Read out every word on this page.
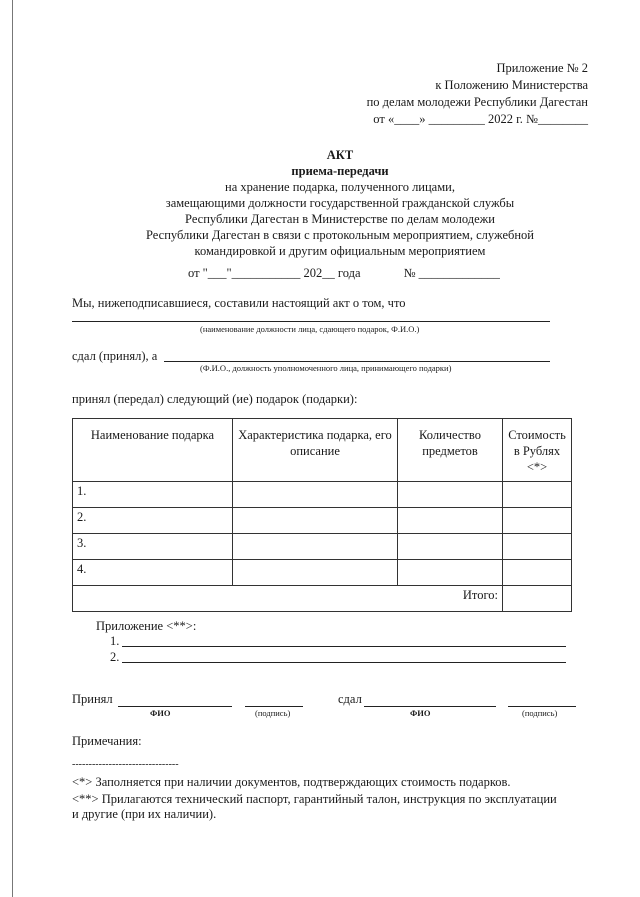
Приложение № 2
к Положению Министерства
по делам молодежи Республики Дагестан
от «____» _________ 2022 г. №________
АКТ
приема-передачи
на хранение подарка, полученного лицами,
замещающими должности государственной гражданской службы
Республики Дагестан в Министерстве по делам молодежи
Республики Дагестан в связи с протокольным мероприятием, служебной
командировкой и другим официальным мероприятием
от "___"___________ 202__ года	№ _____________
Мы, нижеподписавшиеся, составили настоящий акт о том, что
(наименование должности лица, сдающего подарок, Ф.И.О.)
сдал (принял), а
(Ф.И.О., должность уполномоченного лица, принимающего подарки)
принял (передал) следующий (ие) подарок (подарки):
Наименование подарка	Характеристика подарка, его описание	Количество предметов	Стоимость в Рублях <*>
1.			
2.			
3.			
4.			
Итого:			
Приложение <**>:
1.
2.
Принял
ФИО	(подпись)
сдал
ФИО	(подпись)
Примечания:
--------------------------------
<*> Заполняется при наличии документов, подтверждающих стоимость подарков.
<**> Прилагаются технический паспорт, гарантийный талон, инструкция по эксплуатации
и другие (при их наличии).
